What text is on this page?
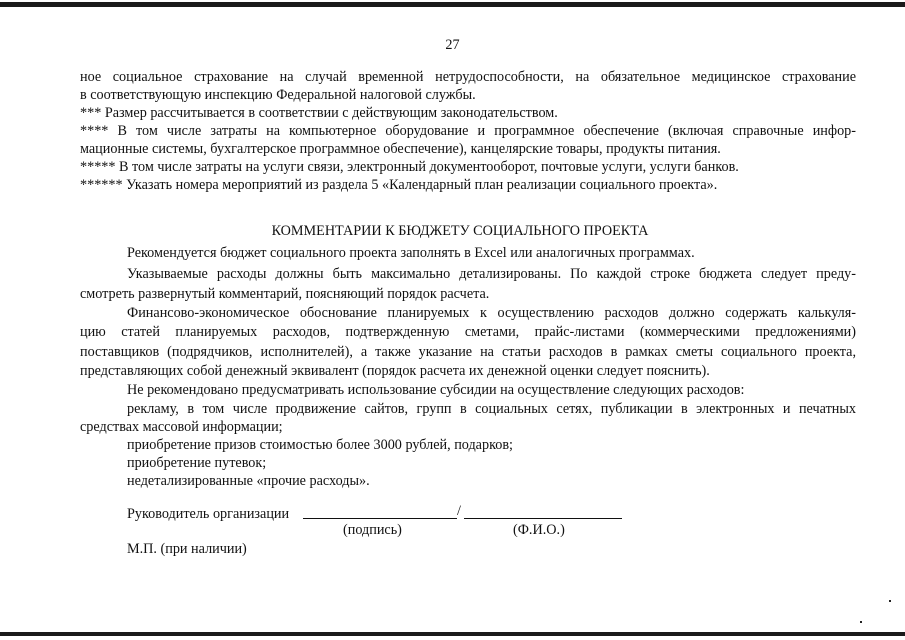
27
ное социальное страхование на случай временной нетрудоспособности, на обязательное медицинское страхование
в соответствующую инспекцию Федеральной налоговой службы.
*** Размер рассчитывается в соответствии с действующим законодательством.
**** В том числе затраты на компьютерное оборудование и программное обеспечение (включая справочные инфор-
мационные системы, бухгалтерское программное обеспечение), канцелярские товары, продукты питания.
***** В том числе затраты на услуги связи, электронный документооборот, почтовые услуги, услуги банков.
****** Указать номера мероприятий из раздела 5 «Календарный план реализации социального проекта».
КОММЕНТАРИИ К БЮДЖЕТУ СОЦИАЛЬНОГО ПРОЕКТА
Рекомендуется бюджет социального проекта заполнять в Excel или аналогичных программах.
Указываемые расходы должны быть максимально детализированы. По каждой строке бюджета следует преду-
смотреть развернутый комментарий, поясняющий порядок расчета.
Финансово-экономическое обоснование планируемых к осуществлению расходов должно содержать калькуля-
цию статей планируемых расходов, подтвержденную сметами, прайс-листами (коммерческими предложениями)
поставщиков (подрядчиков, исполнителей), а также указание на статьи расходов в рамках сметы социального проекта,
представляющих собой денежный эквивалент (порядок расчета их денежной оценки следует пояснить).
Не рекомендовано предусматривать использование субсидии на осуществление следующих расходов:
рекламу, в том числе продвижение сайтов, групп в социальных сетях, публикации в электронных и печатных
средствах массовой информации;
приобретение призов стоимостью более 3000 рублей, подарков;
приобретение путевок;
недетализированные «прочие расходы».
Руководитель организации	/
(подпись)	(Ф.И.О.)
М.П. (при наличии)
